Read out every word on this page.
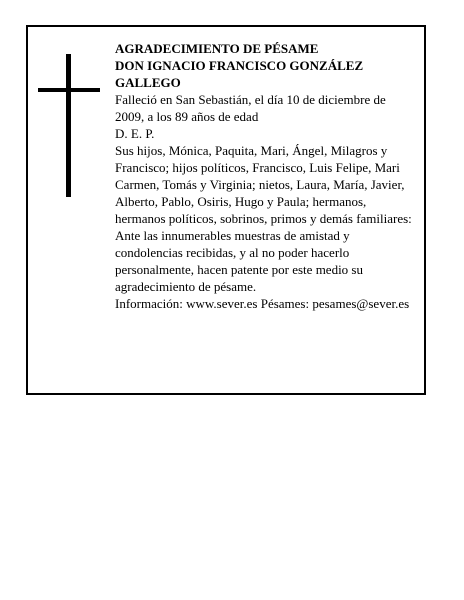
AGRADECIMIENTO DE PÉSAME

DON IGNACIO FRANCISCO GONZÁLEZ GALLEGO

Falleció en San Sebastián, el día 10 de diciembre de 2009, a los 89 años de edad

D. E. P.

Sus hijos, Mónica, Paquita, Mari, Ángel, Milagros y Francisco; hijos políticos, Francisco, Luis Felipe, Mari Carmen, Tomás y Virginia; nietos, Laura, María, Javier, Alberto, Pablo, Osiris, Hugo y Paula; hermanos, hermanos políticos, sobrinos, primos y demás familiares:

Ante las innumerables muestras de amistad y condolencias recibidas, y al no poder hacerlo personalmente, hacen patente por este medio su agradecimiento de pésame.

Información: www.sever.es Pésames: pesames@sever.es
